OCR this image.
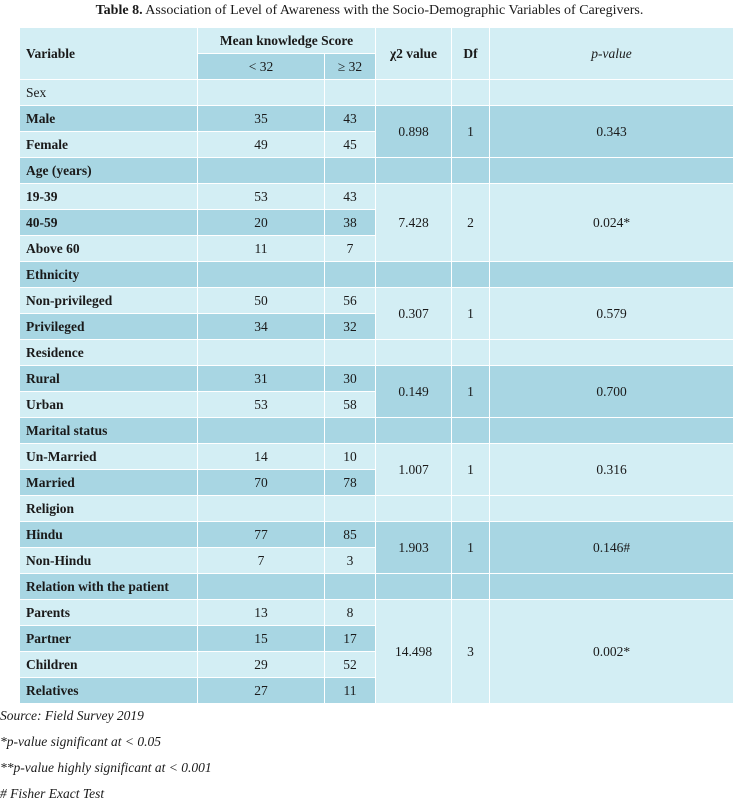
Table 8. Association of Level of Awareness with the Socio-Demographic Variables of Caregivers.
Variable	Mean knowledge Score		χ2 value	Df	p-value
	< 32	≥ 32			
Sex					
Male	35	43	0.898	1	0.343
Female	49	45			
Age (years)					
19-39	53	43	7.428	2	0.024*
40-59	20	38			
Above 60	11	7			
Ethnicity					
Non-privileged	50	56	0.307	1	0.579
Privileged	34	32			
Residence					
Rural	31	30	0.149	1	0.700
Urban	53	58			
Marital status					
Un-Married	14	10	1.007	1	0.316
Married	70	78			
Religion					
Hindu	77	85	1.903	1	0.146#
Non-Hindu	7	3			
Relation with the patient					
Parents	13	8	14.498	3	0.002*
Partner	15	17			
Children	29	52			
Relatives	27	11			
Source: Field Survey 2019
*p-value significant at < 0.05
**p-value highly significant at < 0.001
# Fisher Exact Test
